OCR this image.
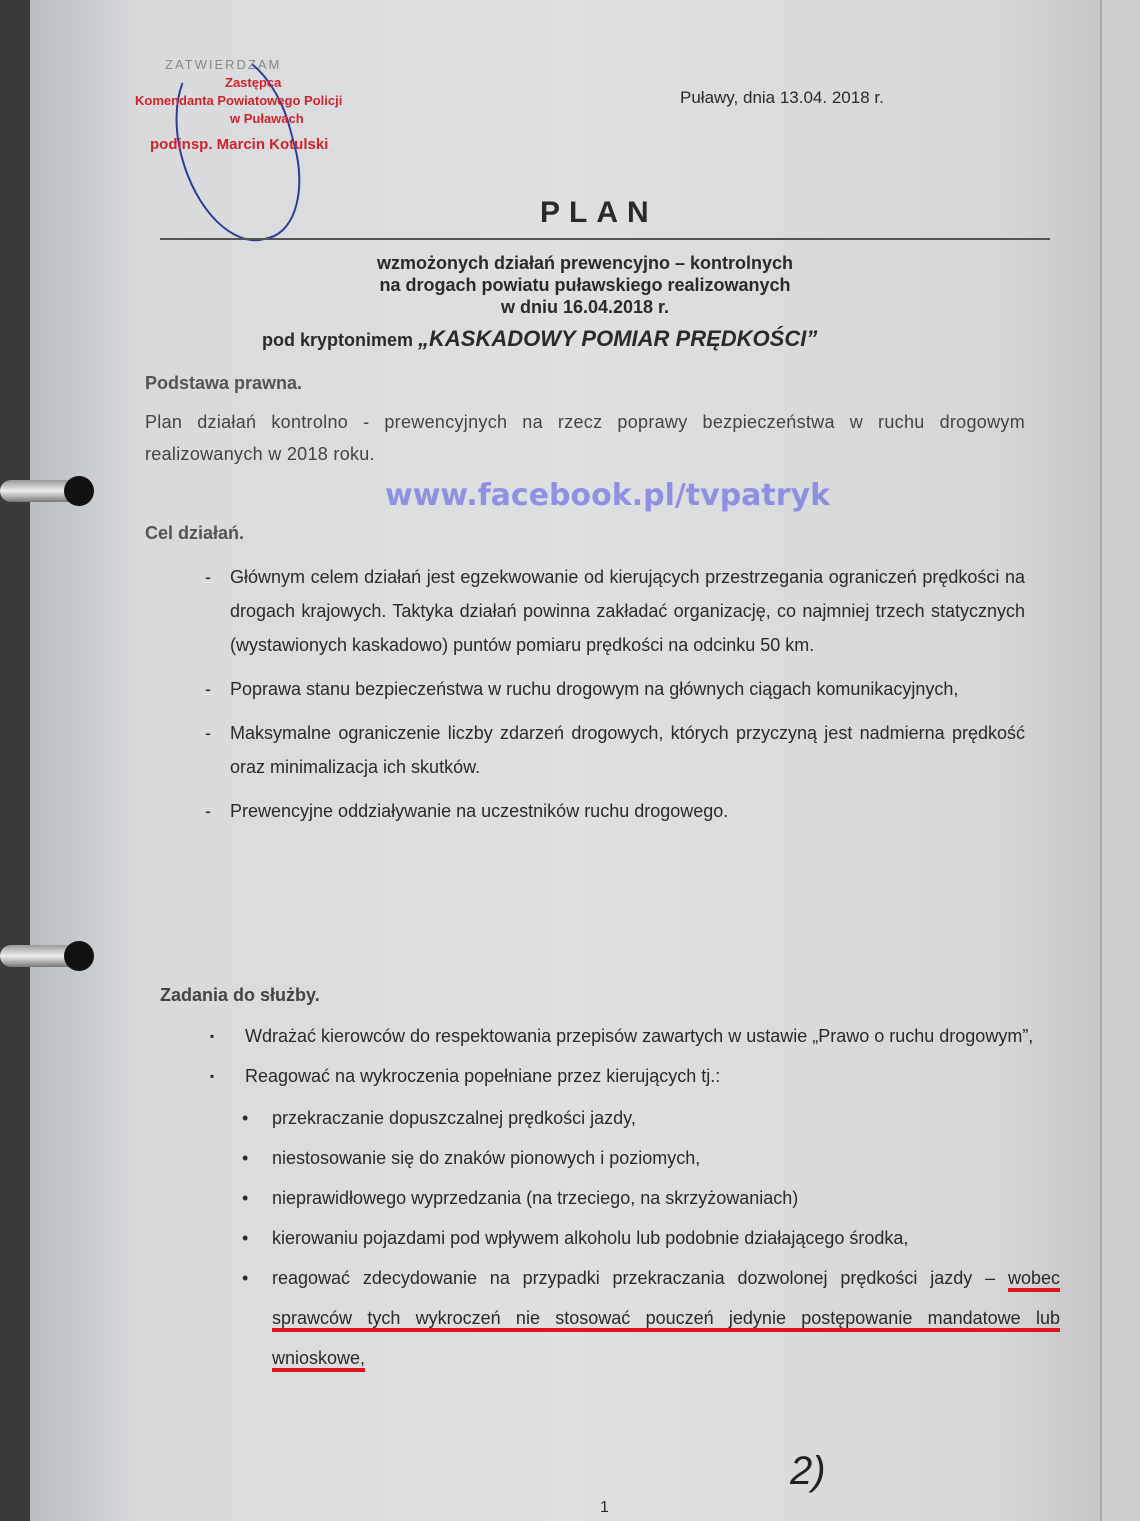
ZATWIERDZAM
Zastępca
Komendanta Powiatowego Policji
w Puławach
podinsp. Marcin Kotulski
Puławy, dnia 13.04. 2018 r.
PLAN
wzmożonych działań prewencyjno – kontrolnych
na drogach powiatu puławskiego realizowanych
w dniu 16.04.2018 r.
pod kryptonimem „KASKADOWY POMIAR PRĘDKOŚCI”
Podstawa prawna.
Plan działań kontrolno - prewencyjnych na rzecz poprawy bezpieczeństwa w ruchu drogowym realizowanych w 2018 roku.
www.facebook.pl/tvpatryk
Cel działań.
- Głównym celem działań jest egzekwowanie od kierujących przestrzegania ograniczeń prędkości na drogach krajowych. Taktyka działań powinna zakładać organizację, co najmniej trzech statycznych (wystawionych kaskadowo) puntów pomiaru prędkości na odcinku 50 km.
- Poprawa stanu bezpieczeństwa w ruchu drogowym na głównych ciągach komunikacyjnych,
- Maksymalne ograniczenie liczby zdarzeń drogowych, których przyczyną jest nadmierna prędkość oraz minimalizacja ich skutków.
- Prewencyjne oddziaływanie na uczestników ruchu drogowego.
Zadania do służby.
▪ Wdrażać kierowców do respektowania przepisów zawartych w ustawie „Prawo o ruchu drogowym”,
▪ Reagować na wykroczenia popełniane przez kierujących tj.:
• przekraczanie dopuszczalnej prędkości jazdy,
• niestosowanie się do znaków pionowych i poziomych,
• nieprawidłowego wyprzedzania (na trzeciego, na skrzyżowaniach)
• kierowaniu pojazdami pod wpływem alkoholu lub podobnie działającego środka,
• reagować zdecydowanie na przypadki przekraczania dozwolonej prędkości jazdy – wobec sprawców tych wykroczeń nie stosować pouczeń jedynie postępowanie mandatowe lub wnioskowe,
2)
1
